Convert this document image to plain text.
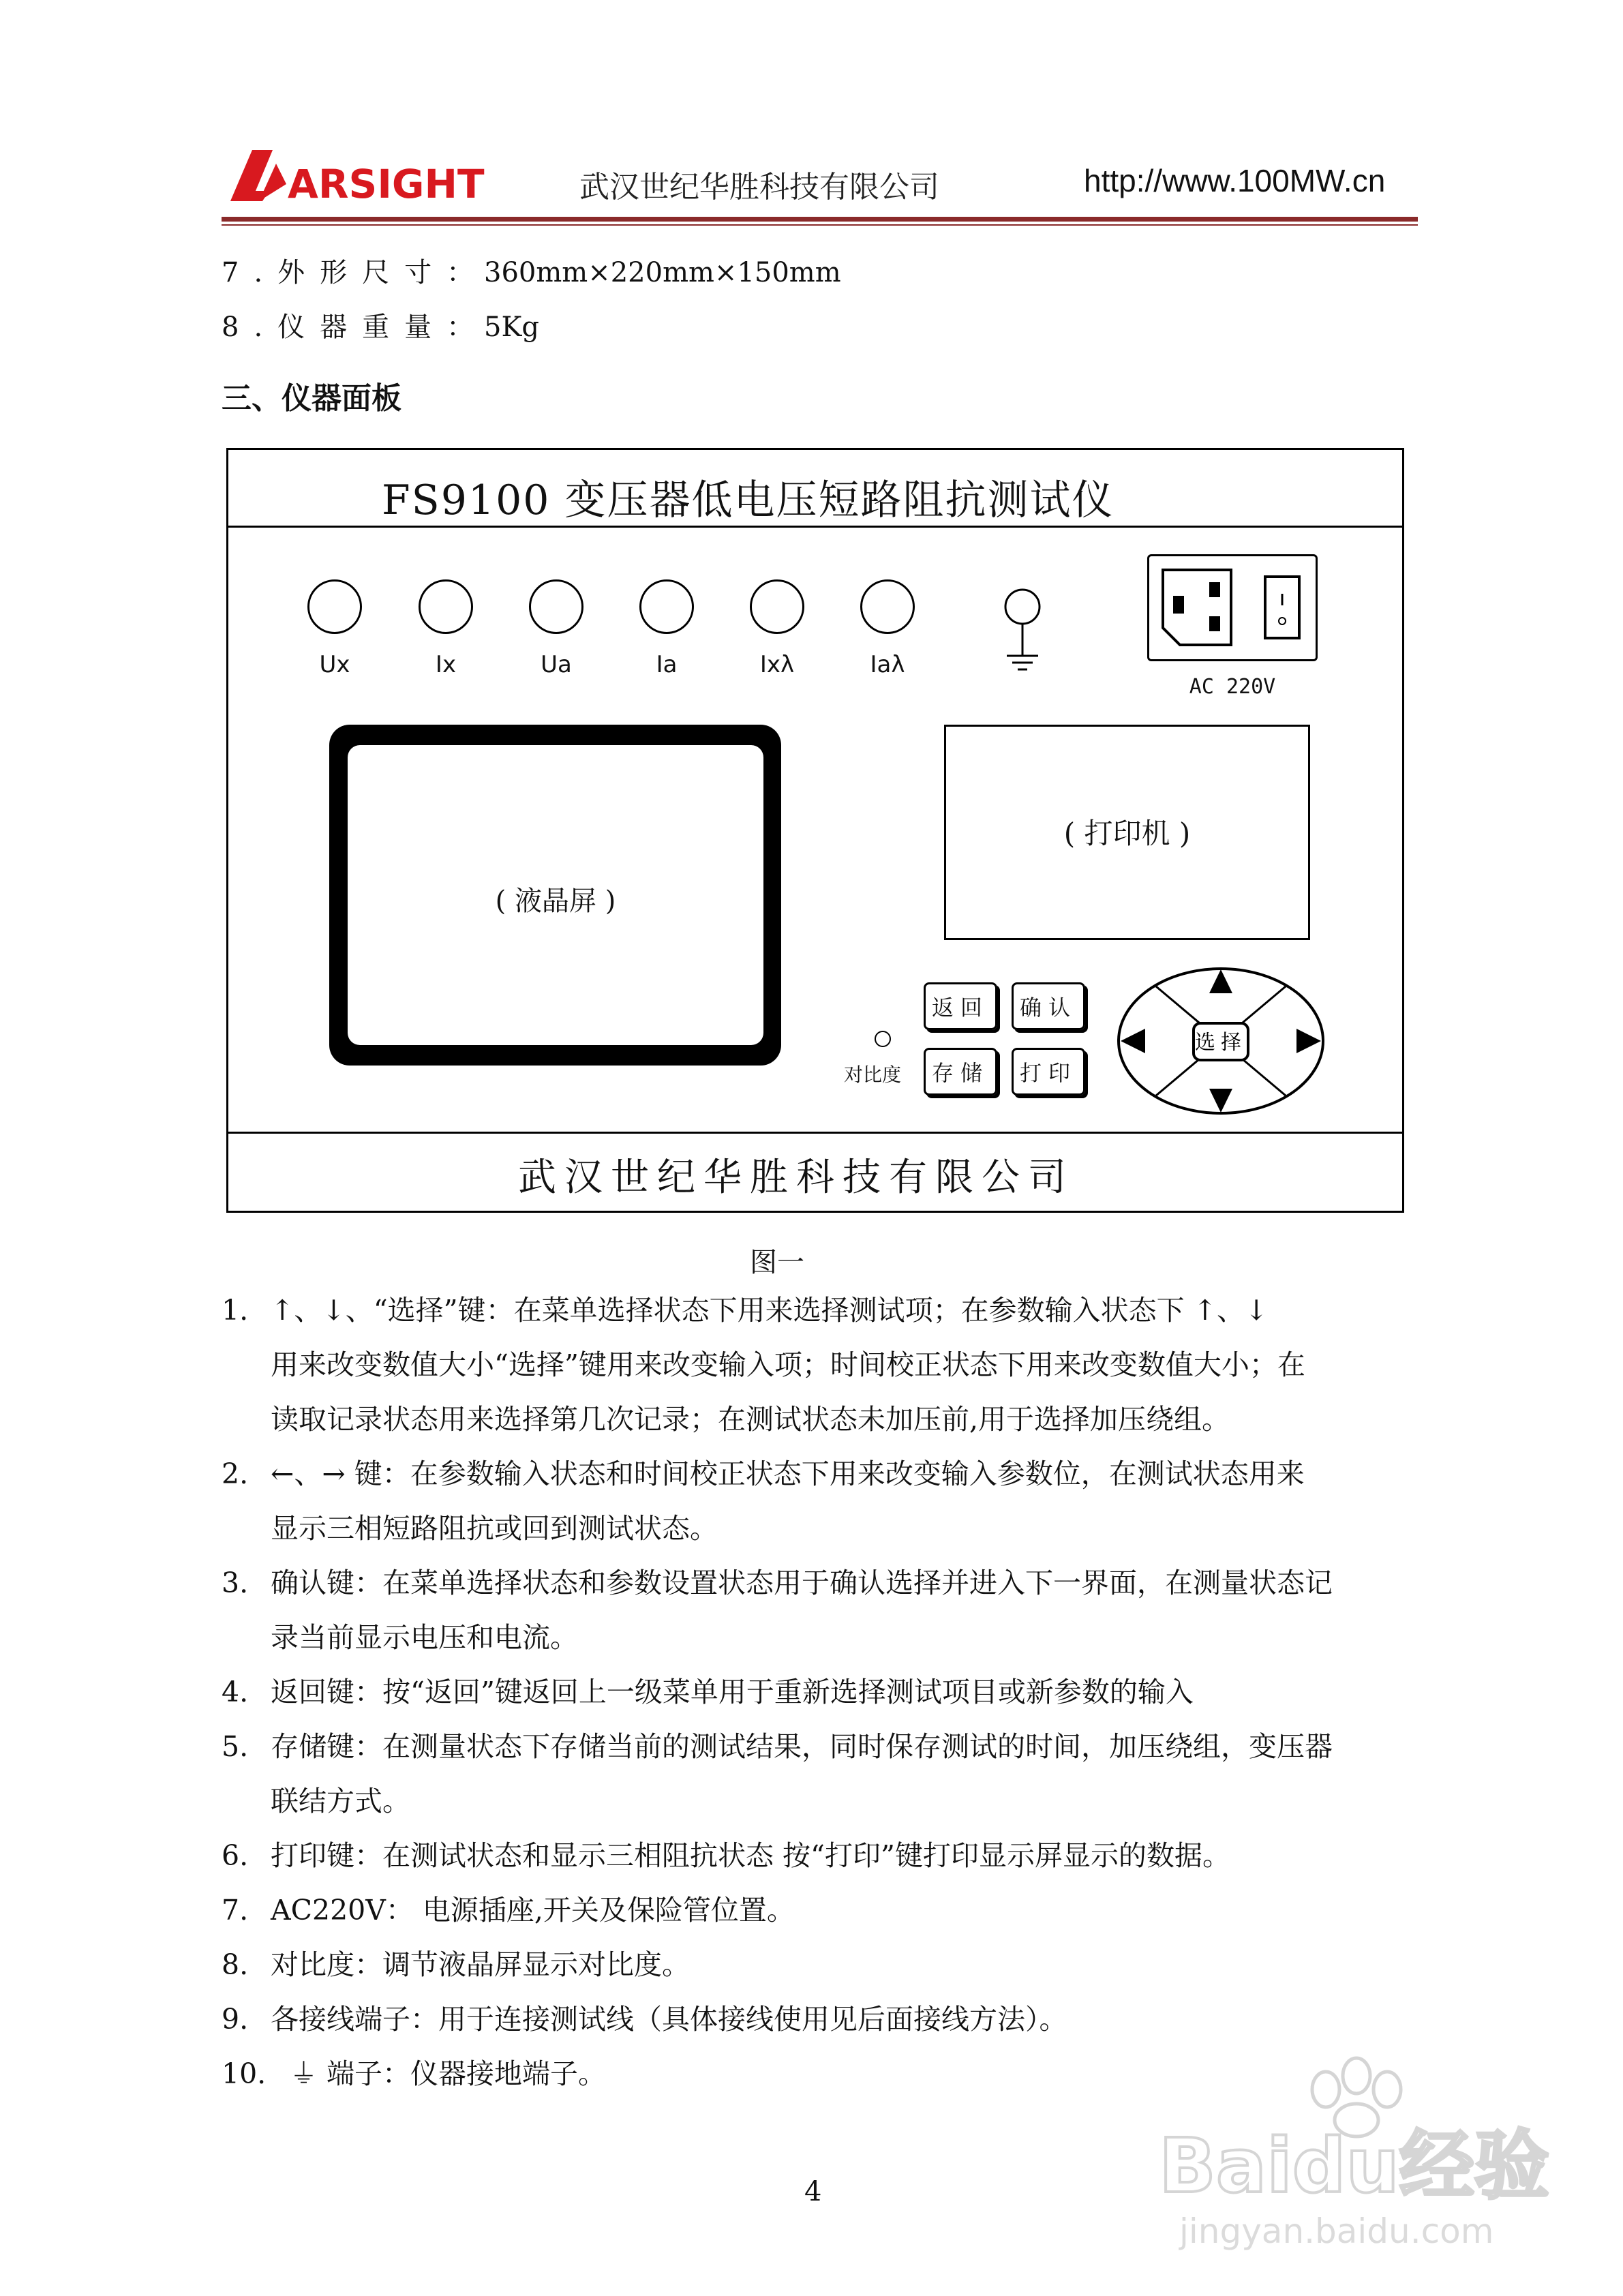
ARSIGHT	武汉世纪华胜科技有限公司	http://www.100MW.cn
7.外形尺寸：360mm×220mm×150mm
8.仪器重量：5Kg
三、仪器面板
FS9100 变压器低电压短路阻抗测试仪
Ux	Ix	Ua	Ia	Ixλ	Iaλ
AC 220V
( 液晶屏 )
( 打印机 )
对比度
返回	确认
存储	打印
选择
武汉世纪华胜科技有限公司
图一
1. ↑、↓、“选择”键：在菜单选择状态下用来选择测试项；在参数输入状态下 ↑、↓
用来改变数值大小“选择”键用来改变输入项；时间校正状态下用来改变数值大小；在
读取记录状态用来选择第几次记录；在测试状态未加压前,用于选择加压绕组。
2. ←、→ 键：在参数输入状态和时间校正状态下用来改变输入参数位，在测试状态用来
显示三相短路阻抗或回到测试状态。
3. 确认键：在菜单选择状态和参数设置状态用于确认选择并进入下一界面，在测量状态记
录当前显示电压和电流。
4. 返回键：按“返回”键返回上一级菜单用于重新选择测试项目或新参数的输入
5. 存储键：在测量状态下存储当前的测试结果，同时保存测试的时间，加压绕组，变压器
联结方式。
6. 打印键：在测试状态和显示三相阻抗状态 按“打印”键打印显示屏显示的数据。
7. AC220V： 电源插座,开关及保险管位置。
8. 对比度：调节液晶屏显示对比度。
9. 各接线端子：用于连接测试线（具体接线使用见后面接线方法）。
10. ⏚ 端子：仪器接地端子。
4	Baidu经验
jingyan.baidu.com
